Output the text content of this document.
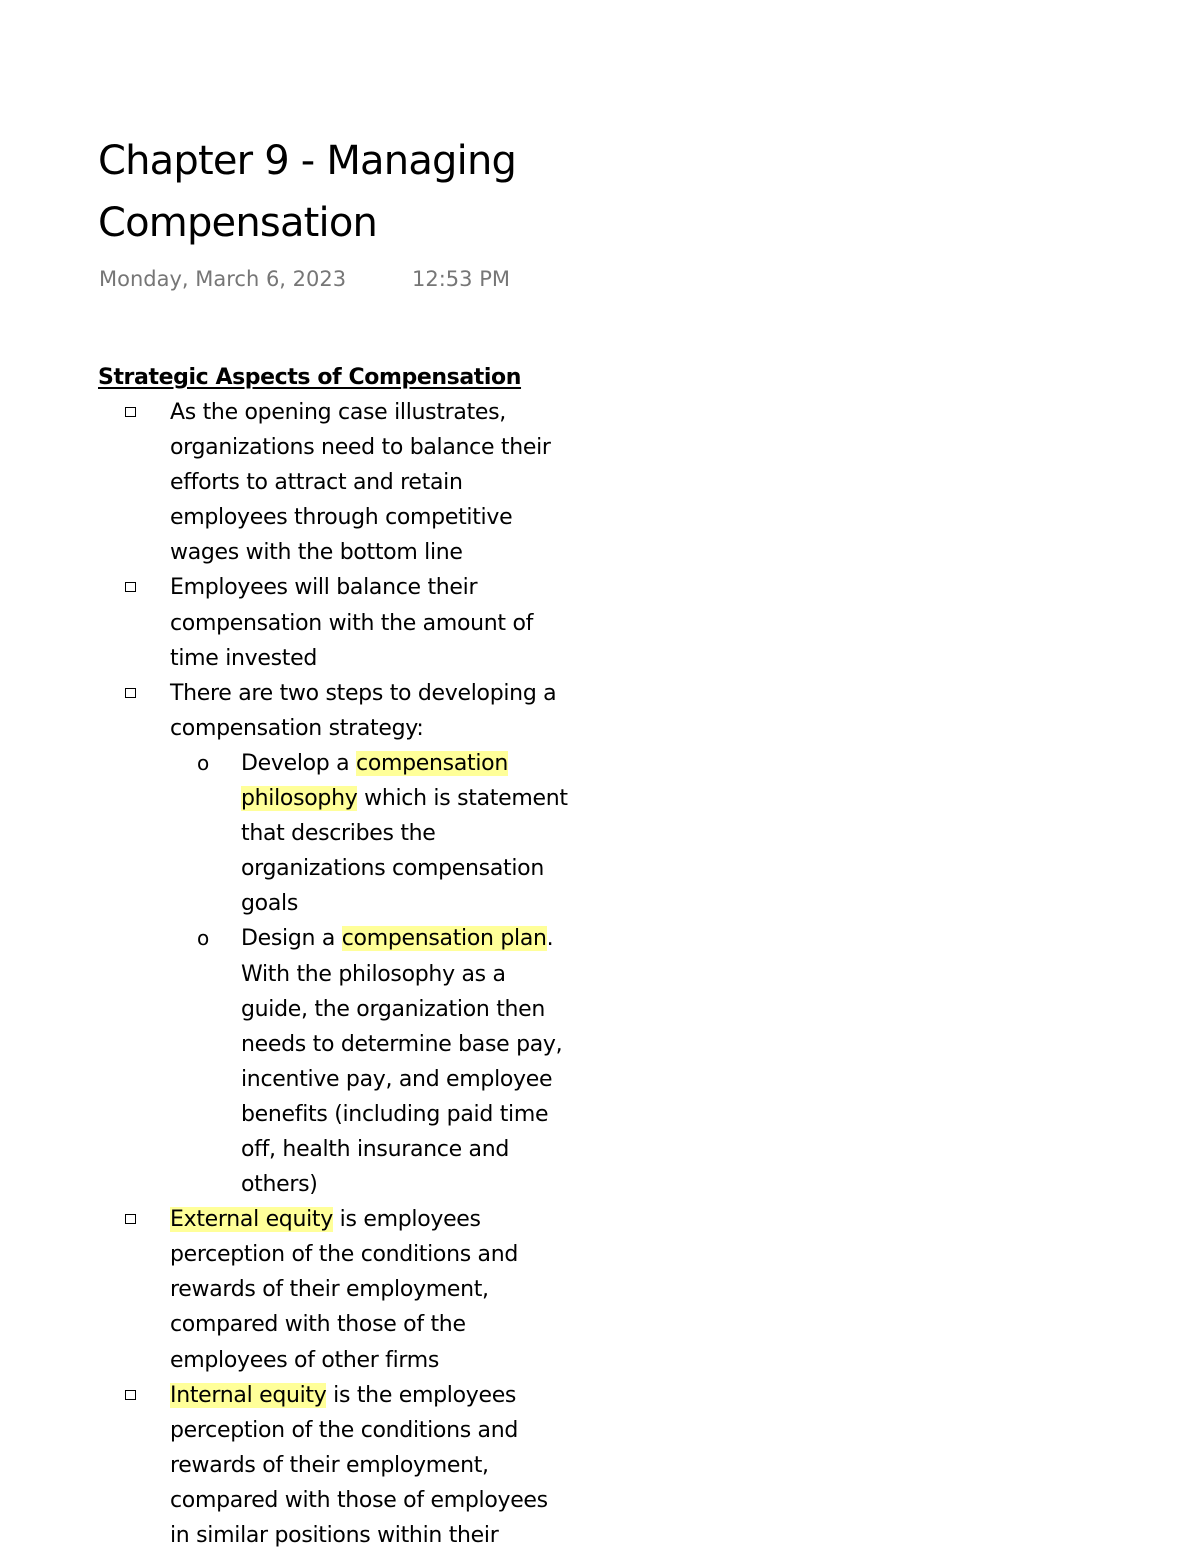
Chapter 9 - Managing Compensation
Monday, March 6, 2023	12:53 PM
Strategic Aspects of Compensation
As the opening case illustrates, organizations need to balance their efforts to attract and retain employees through competitive wages with the bottom line
Employees will balance their compensation with the amount of time invested
There are two steps to developing a compensation strategy:
o Develop a compensation philosophy which is statement that describes the organizations compensation goals
o Design a compensation plan. With the philosophy as a guide, the organization then needs to determine base pay, incentive pay, and employee benefits (including paid time off, health insurance and others)
External equity is employees perception of the conditions and rewards of their employment, compared with those of the employees of other firms
Internal equity is the employees perception of the conditions and rewards of their employment, compared with those of employees in similar positions within their
